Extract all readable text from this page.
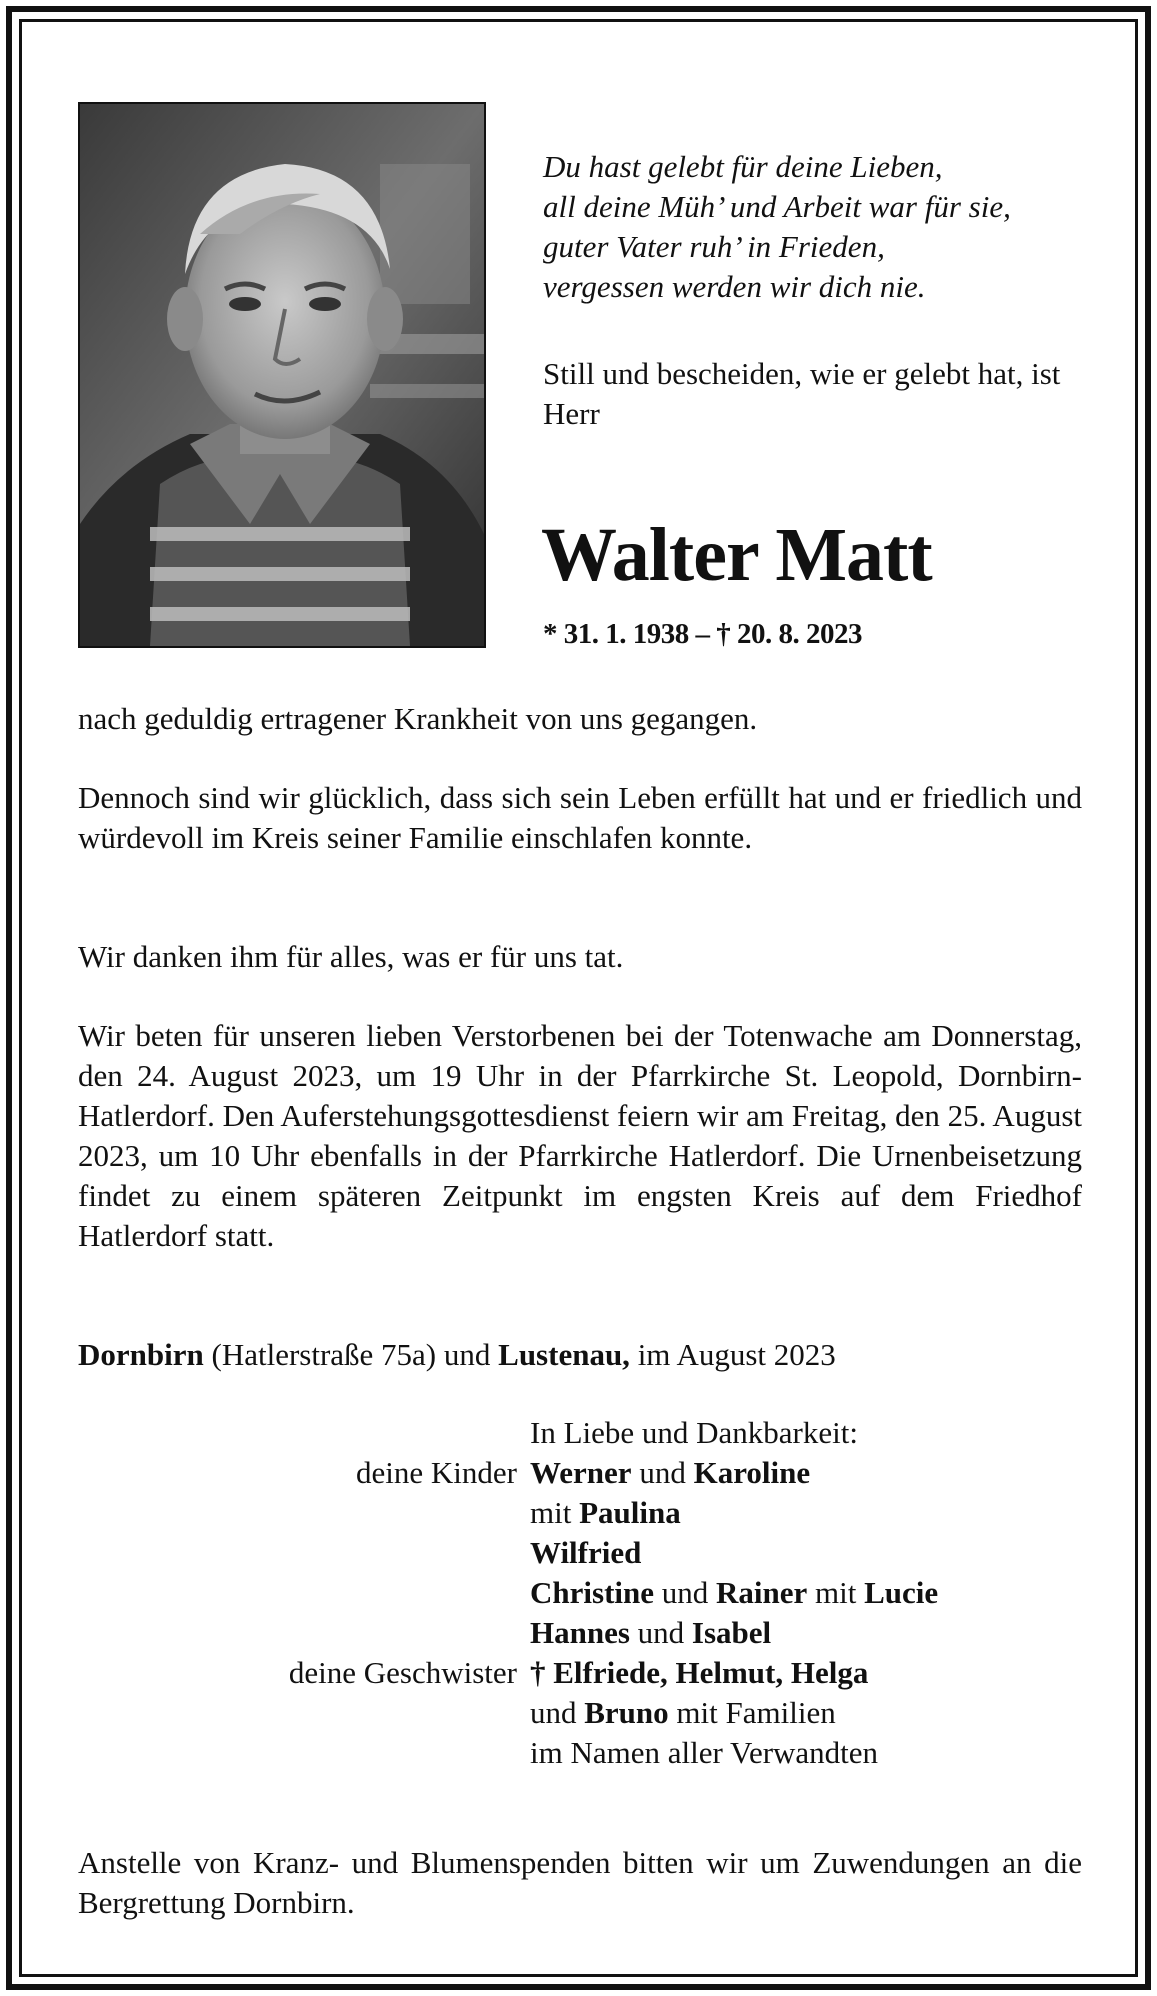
Du hast gelebt für deine Lieben,
all deine Müh’ und Arbeit war für sie,
guter Vater ruh’ in Frieden,
vergessen werden wir dich nie.
Still und bescheiden, wie er gelebt hat, ist Herr
Walter Matt
* 31. 1. 1938 – † 20. 8. 2023
nach geduldig ertragener Krankheit von uns gegangen.
Dennoch sind wir glücklich, dass sich sein Leben erfüllt hat und er friedlich und würdevoll im Kreis seiner Familie einschlafen konnte.
Wir danken ihm für alles, was er für uns tat.
Wir beten für unseren lieben Verstorbenen bei der Totenwache am Donnerstag, den 24. August 2023, um 19 Uhr in der Pfarrkirche St. Leopold, Dornbirn-Hatlerdorf. Den Auferstehungsgottesdienst feiern wir am Freitag, den 25. August 2023, um 10 Uhr ebenfalls in der Pfarrkirche Hatlerdorf. Die Urnenbeisetzung findet zu einem späteren Zeitpunkt im engsten Kreis auf dem Friedhof Hatlerdorf statt.
Dornbirn (Hatlerstraße 75a) und Lustenau, im August 2023
In Liebe und Dankbarkeit:
deine Kinder Werner und Karoline
mit Paulina
Wilfried
Christine und Rainer mit Lucie
Hannes und Isabel
deine Geschwister † Elfriede, Helmut, Helga
und Bruno mit Familien
im Namen aller Verwandten
Anstelle von Kranz- und Blumenspenden bitten wir um Zuwendungen an die Bergrettung Dornbirn.
